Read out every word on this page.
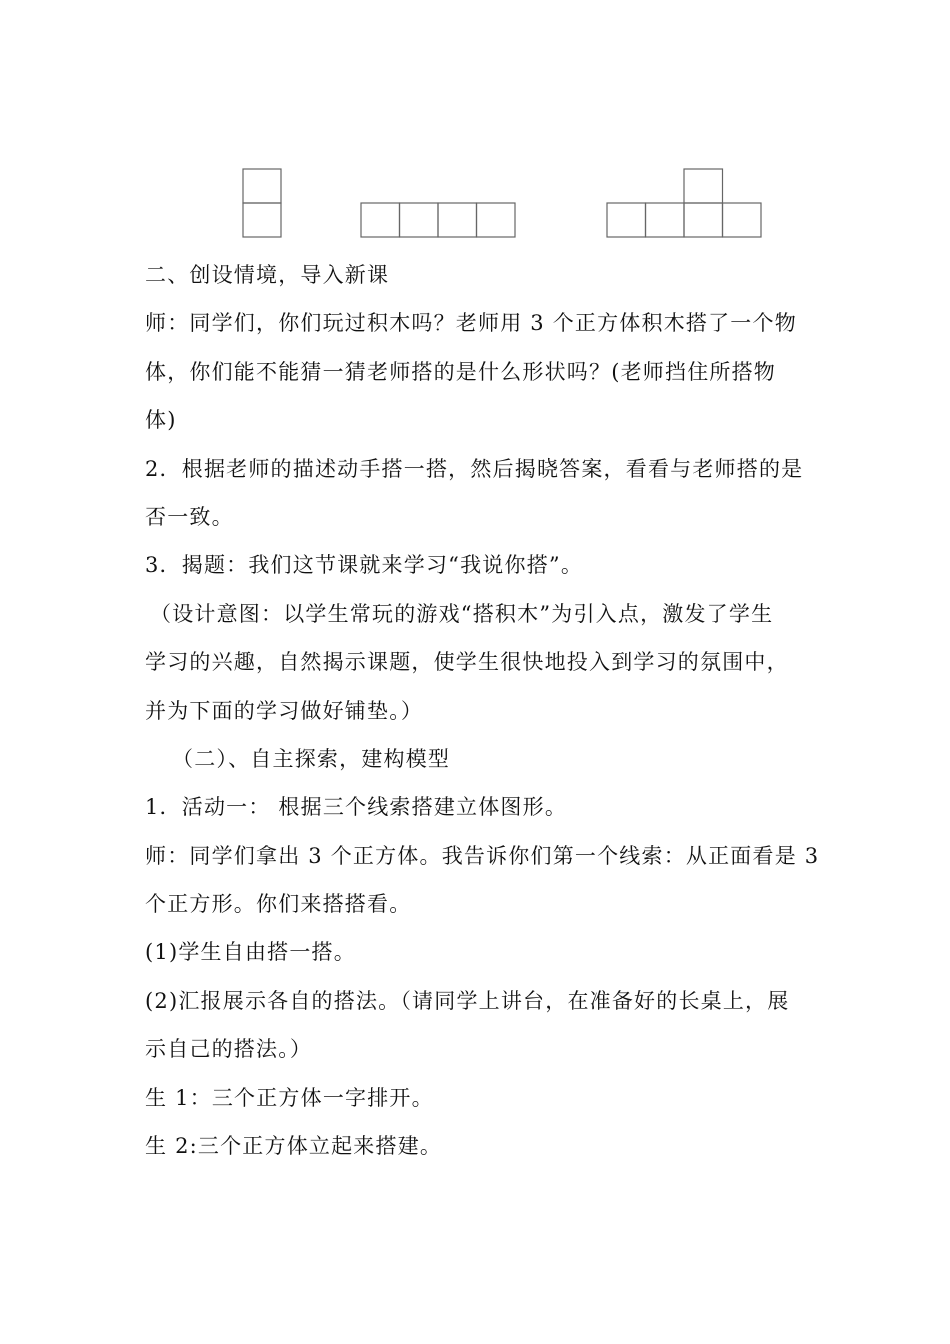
二、创设情境，导入新课
师：同学们，你们玩过积木吗？老师用 3 个正方体积木搭了一个物
体，你们能不能猜一猜老师搭的是什么形状吗？(老师挡住所搭物
体)
2．根据老师的描述动手搭一搭，然后揭晓答案，看看与老师搭的是
否一致。
3．揭题：我们这节课就来学习“我说你搭”。
（设计意图：以学生常玩的游戏“搭积木”为引入点，激发了学生
学习的兴趣，自然揭示课题，使学生很快地投入到学习的氛围中，
并为下面的学习做好铺垫。）
（二）、自主探索，建构模型
1．活动一： 根据三个线索搭建立体图形。
师：同学们拿出 3 个正方体。我告诉你们第一个线索：从正面看是 3
个正方形。你们来搭搭看。
(1)学生自由搭一搭。
(2)汇报展示各自的搭法。（请同学上讲台，在准备好的长桌上，展
示自己的搭法。）
生 1：三个正方体一字排开。
生 2:三个正方体立起来搭建。
